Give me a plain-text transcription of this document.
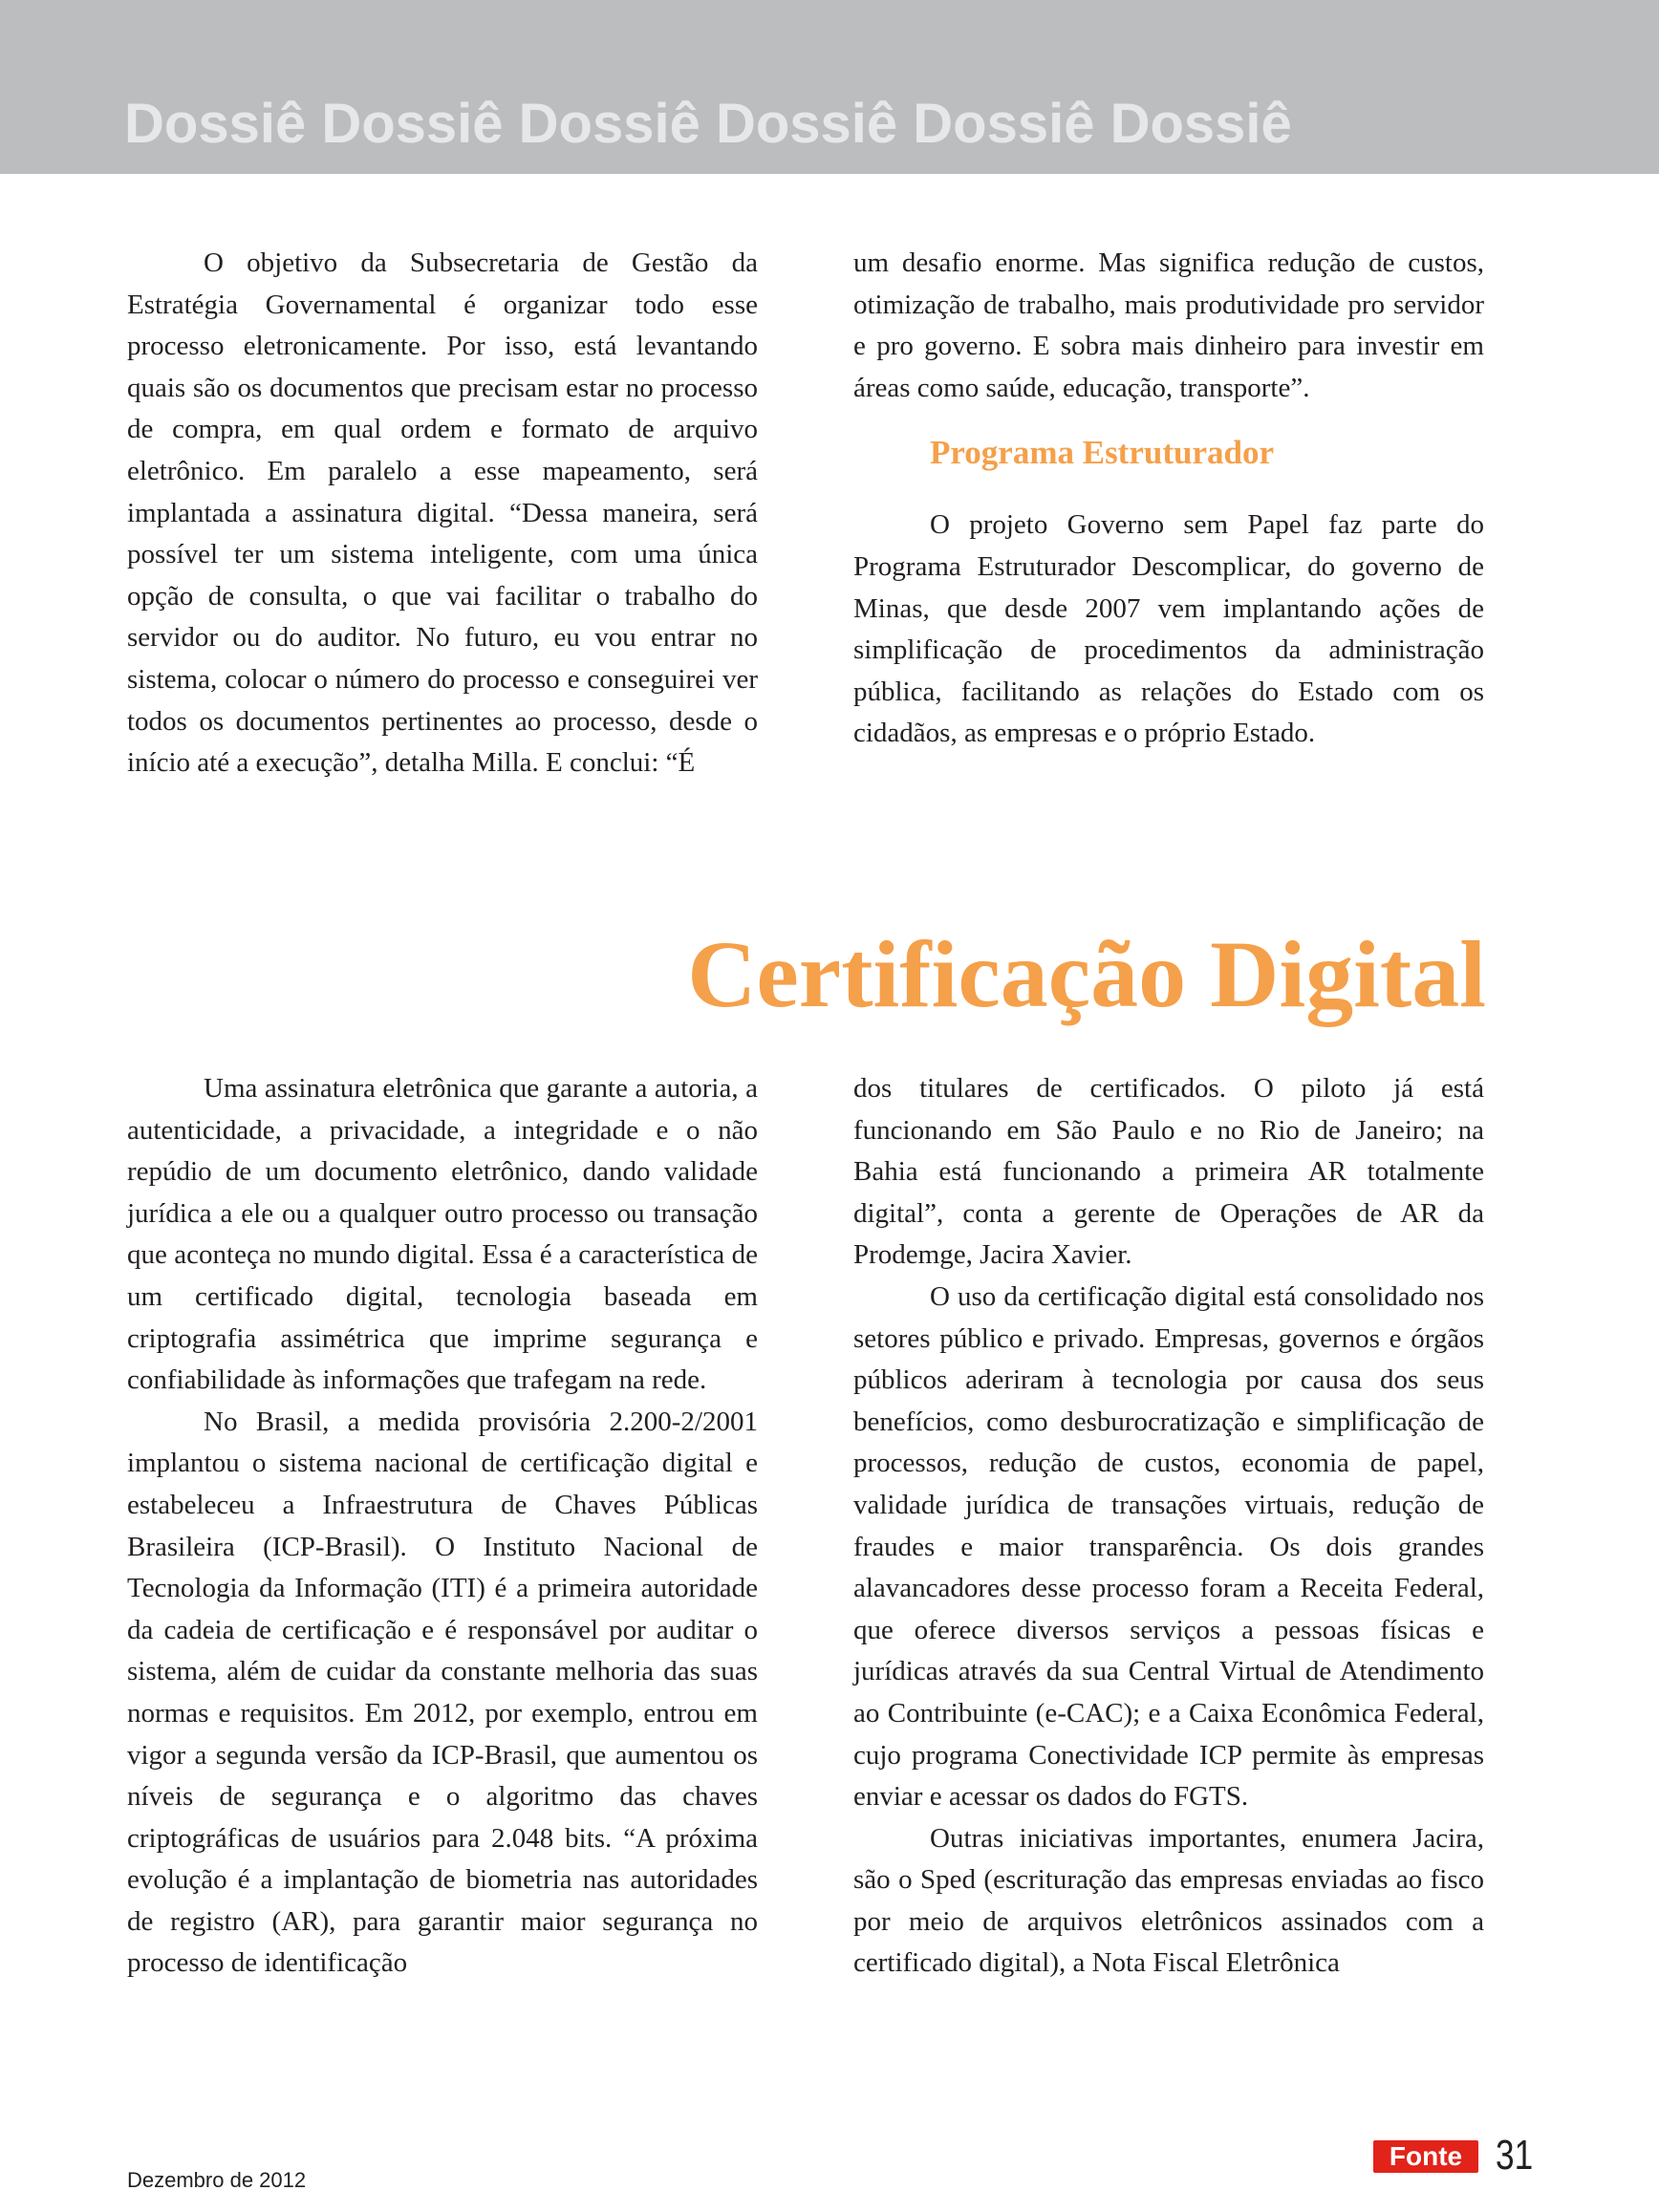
Dossiê Dossiê Dossiê Dossiê Dossiê Dossiê

O objetivo da Subsecretaria de Gestão da Estratégia Governamental é organizar todo esse processo eletronicamente. Por isso, está levantando quais são os documentos que precisam estar no processo de compra, em qual ordem e formato de arquivo eletrônico. Em paralelo a esse mapeamento, será implantada a assinatura digital. “Dessa maneira, será possível ter um sistema inteligente, com uma única opção de consulta, o que vai facilitar o trabalho do servidor ou do auditor. No futuro, eu vou entrar no sistema, colocar o número do processo e conseguirei ver todos os documentos pertinentes ao processo, desde o início até a execução”, detalha Milla. E conclui: “É

um desafio enorme. Mas significa redução de custos, otimização de trabalho, mais produtividade pro servidor e pro governo. E sobra mais dinheiro para investir em áreas como saúde, educação, transporte”.

Programa Estruturador

O projeto Governo sem Papel faz parte do Programa Estruturador Descomplicar, do governo de Minas, que desde 2007 vem implantando ações de simplificação de procedimentos da administração pública, facilitando as relações do Estado com os cidadãos, as empresas e o próprio Estado.

Certificação Digital

Uma assinatura eletrônica que garante a autoria, a autenticidade, a privacidade, a integridade e o não repúdio de um documento eletrônico, dando validade jurídica a ele ou a qualquer outro processo ou transação que aconteça no mundo digital. Essa é a característica de um certificado digital, tecnologia baseada em criptografia assimétrica que imprime segurança e confiabilidade às informações que trafegam na rede.

No Brasil, a medida provisória 2.200-2/2001 implantou o sistema nacional de certificação digital e estabeleceu a Infraestrutura de Chaves Públicas Brasileira (ICP-Brasil). O Instituto Nacional de Tecnologia da Informação (ITI) é a primeira autoridade da cadeia de certificação e é responsável por auditar o sistema, além de cuidar da constante melhoria das suas normas e requisitos. Em 2012, por exemplo, entrou em vigor a segunda versão da ICP-Brasil, que aumentou os níveis de segurança e o algoritmo das chaves criptográficas de usuários para 2.048 bits. “A próxima evolução é a implantação de biometria nas autoridades de registro (AR), para garantir maior segurança no processo de identificação

dos titulares de certificados. O piloto já está funcionando em São Paulo e no Rio de Janeiro; na Bahia está funcionando a primeira AR totalmente digital”, conta a gerente de Operações de AR da Prodemge, Jacira Xavier.

O uso da certificação digital está consolidado nos setores público e privado. Empresas, governos e órgãos públicos aderiram à tecnologia por causa dos seus benefícios, como desburocratização e simplificação de processos, redução de custos, economia de papel, validade jurídica de transações virtuais, redução de fraudes e maior transparência. Os dois grandes alavancadores desse processo foram a Receita Federal, que oferece diversos serviços a pessoas físicas e jurídicas através da sua Central Virtual de Atendimento ao Contribuinte (e-CAC); e a Caixa Econômica Federal, cujo programa Conectividade ICP permite às empresas enviar e acessar os dados do FGTS.

Outras iniciativas importantes, enumera Jacira, são o Sped (escrituração das empresas enviadas ao fisco por meio de arquivos eletrônicos assinados com a certificado digital), a Nota Fiscal Eletrônica

Dezembro de 2012
Fonte 31
